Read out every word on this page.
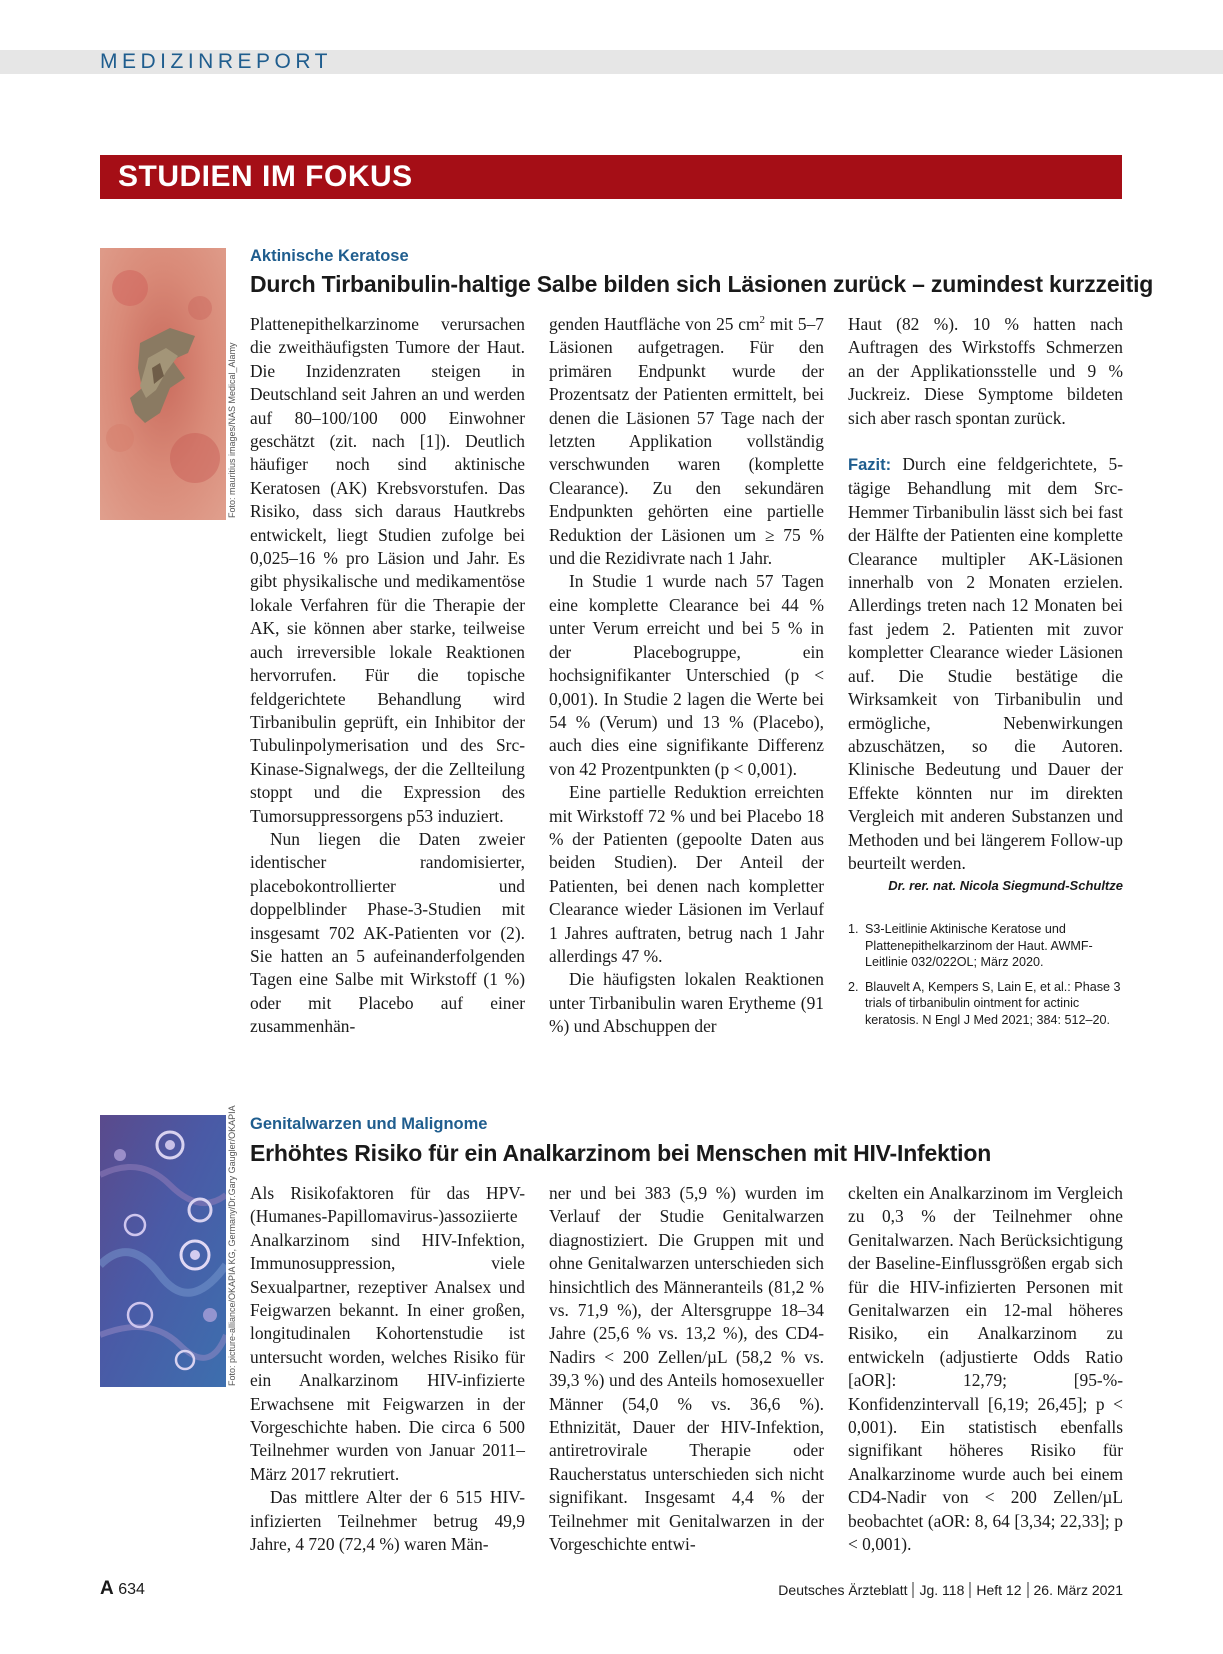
MEDIZINREPORT
STUDIEN IM FOKUS
Foto: mauritius images/NAS Medical_Alamy
Aktinische Keratose
Durch Tirbanibulin-haltige Salbe bilden sich Läsionen zurück – zumindest kurzzeitig

Plattenepithelkarzinome verursachen die zweithäufigsten Tumore der Haut. Die Inzidenzraten steigen in Deutschland seit Jahren an und werden auf 80–100/100 000 Einwohner geschätzt (zit. nach [1]). Deutlich häufiger noch sind aktinische Keratosen (AK) Krebsvorstufen. Das Risiko, dass sich daraus Hautkrebs entwickelt, liegt Studien zufolge bei 0,025–16 % pro Läsion und Jahr. Es gibt physikalische und medikamentöse lokale Verfahren für die Therapie der AK, sie können aber starke, teilweise auch irreversible lokale Reaktionen hervorrufen. Für die topische feldgerichtete Behandlung wird Tirbanibulin geprüft, ein Inhibitor der Tubulinpolymerisation und des Src-Kinase-Signalwegs, der die Zellteilung stoppt und die Expression des Tumorsuppressorgens p53 induziert.

Nun liegen die Daten zweier identischer randomisierter, placebokontrollierter und doppelblinder Phase-3-Studien mit insgesamt 702 AK-Patienten vor (2). Sie hatten an 5 aufeinanderfolgenden Tagen eine Salbe mit Wirkstoff (1 %) oder mit Placebo auf einer zusammenhän-

genden Hautfläche von 25 $cm^2$ mit 5–7 Läsionen aufgetragen. Für den primären Endpunkt wurde der Prozentsatz der Patienten ermittelt, bei denen die Läsionen 57 Tage nach der letzten Applikation vollständig verschwunden waren (komplette Clearance). Zu den sekundären Endpunkten gehörten eine partielle Reduktion der Läsionen um ≥ 75 % und die Rezidivrate nach 1 Jahr.

In Studie 1 wurde nach 57 Tagen eine komplette Clearance bei 44 % unter Verum erreicht und bei 5 % in der Placebogruppe, ein hochsignifikanter Unterschied (p < 0,001). In Studie 2 lagen die Werte bei 54 % (Verum) und 13 % (Placebo), auch dies eine signifikante Differenz von 42 Prozentpunkten (p < 0,001).

Eine partielle Reduktion erreichten mit Wirkstoff 72 % und bei Placebo 18 % der Patienten (gepoolte Daten aus beiden Studien). Der Anteil der Patienten, bei denen nach kompletter Clearance wieder Läsionen im Verlauf 1 Jahres auftraten, betrug nach 1 Jahr allerdings 47 %.

Die häufigsten lokalen Reaktionen unter Tirbanibulin waren Erytheme (91 %) und Abschuppen der

Haut (82 %). 10 % hatten nach Auftragen des Wirkstoffs Schmerzen an der Applikationsstelle und 9 % Juckreiz. Diese Symptome bildeten sich aber rasch spontan zurück.

Fazit: Durch eine feldgerichtete, 5-tägige Behandlung mit dem Src-Hemmer Tirbanibulin lässt sich bei fast der Hälfte der Patienten eine komplette Clearance multipler AK-Läsionen innerhalb von 2 Monaten erzielen. Allerdings treten nach 12 Monaten bei fast jedem 2. Patienten mit zuvor kompletter Clearance wieder Läsionen auf. Die Studie bestätige die Wirksamkeit von Tirbanibulin und ermögliche, Nebenwirkungen abzuschätzen, so die Autoren. Klinische Bedeutung und Dauer der Effekte könnten nur im direkten Vergleich mit anderen Substanzen und Methoden und bei längerem Follow-up beurteilt werden.

Dr. rer. nat. Nicola Siegmund-Schultze
1. S3-Leitlinie Aktinische Keratose und Plattenepithelkarzinom der Haut. AWMF-Leitlinie 032/022OL; März 2020.
2. Blauvelt A, Kempers S, Lain E, et al.: Phase 3 trials of tirbanibulin ointment for actinic keratosis. N Engl J Med 2021; 384: 512–20.
Foto: picture-alliance/OKAPIA KG, Germany/Dr.Gary Gaugler/OKAPIA Genitalwarzen und Malignome
Erhöhtes Risiko für ein Analkarzinom bei Menschen mit HIV-Infektion

Als Risikofaktoren für das HPV-(Humanes-Papillomavirus-)assoziierte Analkarzinom sind HIV-Infektion, Immunosuppression, viele Sexualpartner, rezeptiver Analsex und Feigwarzen bekannt. In einer großen, longitudinalen Kohortenstudie ist untersucht worden, welches Risiko für ein Analkarzinom HIV-infizierte Erwachsene mit Feigwarzen in der Vorgeschichte haben. Die circa 6 500 Teilnehmer wurden von Januar 2011–März 2017 rekrutiert.

Das mittlere Alter der 6 515 HIV-infizierten Teilnehmer betrug 49,9 Jahre, 4 720 (72,4 %) waren Män-

ner und bei 383 (5,9 %) wurden im Verlauf der Studie Genitalwarzen diagnostiziert. Die Gruppen mit und ohne Genitalwarzen unterschieden sich hinsichtlich des Männeranteils (81,2 % vs. 71,9 %), der Altersgruppe 18–34 Jahre (25,6 % vs. 13,2 %), des CD4-Nadirs < 200 Zellen/µL (58,2 % vs. 39,3 %) und des Anteils homosexueller Männer (54,0 % vs. 36,6 %). Ethnizität, Dauer der HIV-Infektion, antiretrovirale Therapie oder Raucherstatus unterschieden sich nicht signifikant. Insgesamt 4,4 % der Teilnehmer mit Genitalwarzen in der Vorgeschichte entwi-

ckelten ein Analkarzinom im Vergleich zu 0,3 % der Teilnehmer ohne Genitalwarzen. Nach Berücksichtigung der Baseline-Einflussgrößen ergab sich für die HIV-infizierten Personen mit Genitalwarzen ein 12-mal höheres Risiko, ein Analkarzinom zu entwickeln (adjustierte Odds Ratio [aOR]: 12,79; [95-%-Konfidenzintervall [6,19; 26,45]; p < 0,001). Ein statistisch ebenfalls signifikant höheres Risiko für Analkarzinome wurde auch bei einem CD4-Nadir von < 200 Zellen/µL beobachtet (aOR: 8, 64 [3,34; 22,33]; p < 0,001).

A 634	Deutsches Ärzteblatt Jg. 118 Heft 12 26. März 2021
